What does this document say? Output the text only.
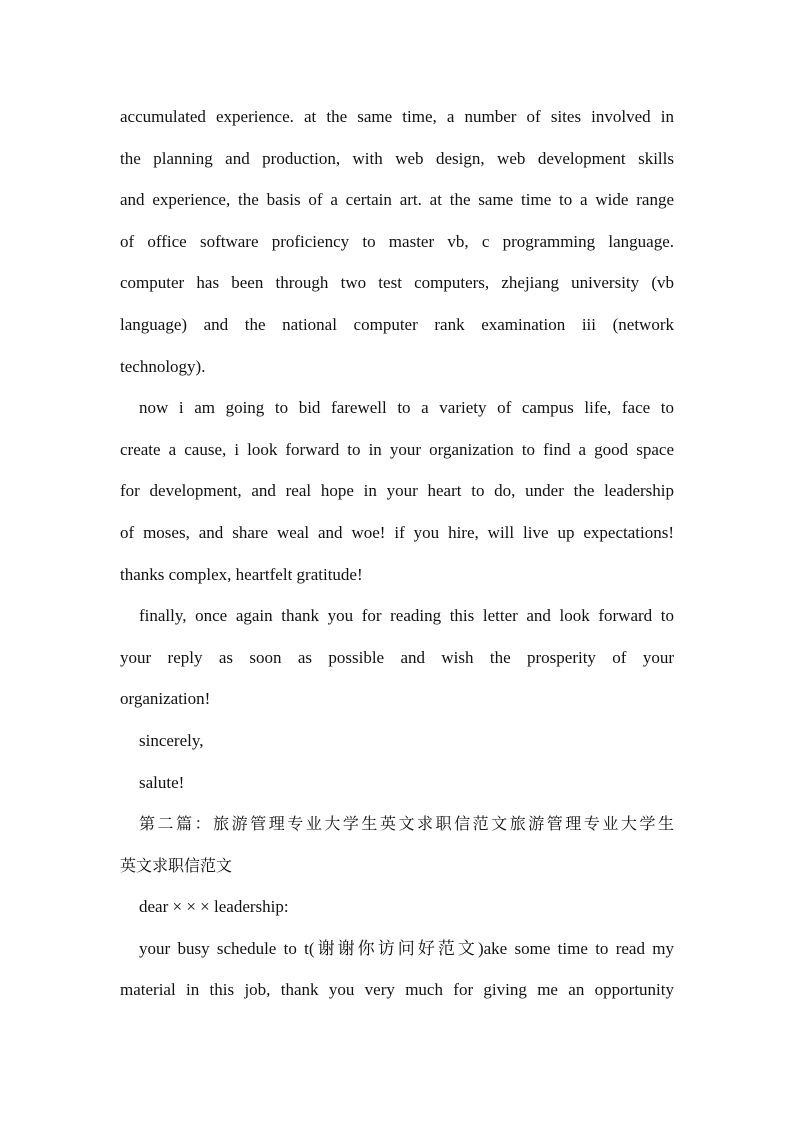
accumulated experience. at the same time, a number of sites involved in
the planning and production, with web design, web development skills
and experience, the basis of a certain art. at the same time to a wide range
of office software proficiency to master vb, c programming language.
computer has been through two test computers, zhejiang university (vb
language) and the national computer rank examination iii (network
technology).
now i am going to bid farewell to a variety of campus life, face to
create a cause, i look forward to in your organization to find a good space
for development, and real hope in your heart to do, under the leadership
of moses, and share weal and woe! if you hire, will live up expectations!
thanks complex, heartfelt gratitude!
finally, once again thank you for reading this letter and look forward to
your reply as soon as possible and wish the prosperity of your
organization!
sincerely,
salute!
第二篇：旅游管理专业大学生英文求职信范文旅游管理专业大学生
英文求职信范文
dear × × × leadership:
your busy schedule to t(谢谢你访问好范文)ake some time to read my
material in this job, thank you very much for giving me an opportunity
